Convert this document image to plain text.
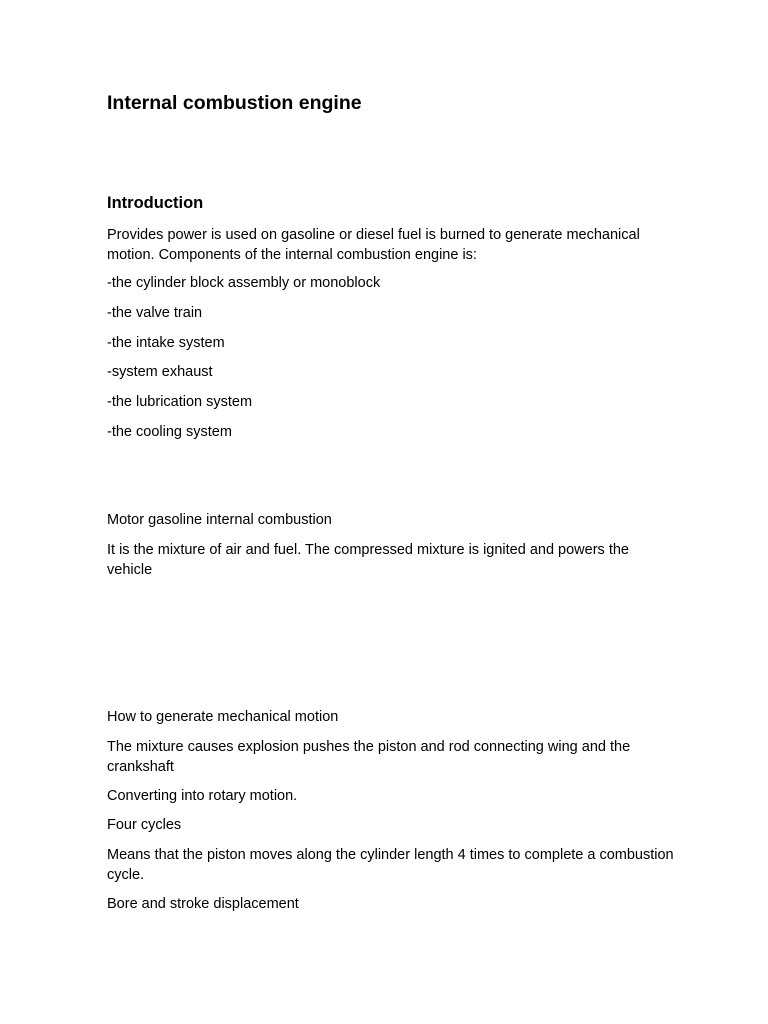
Internal combustion engine
Introduction

Provides power is used on gasoline or diesel fuel is burned to generate mechanical motion. Components of the internal combustion engine is:

-the cylinder block assembly or monoblock

-the valve train

-the intake system

-system exhaust

-the lubrication system

-the cooling system

Motor gasoline internal combustion

It is the mixture of air and fuel. The compressed mixture is ignited and powers the vehicle

How to generate mechanical motion

The mixture causes explosion pushes the piston and rod connecting wing and the crankshaft

Converting into rotary motion.

Four cycles

Means that the piston moves along the cylinder length 4 times to complete a combustion cycle.

Bore and stroke displacement
